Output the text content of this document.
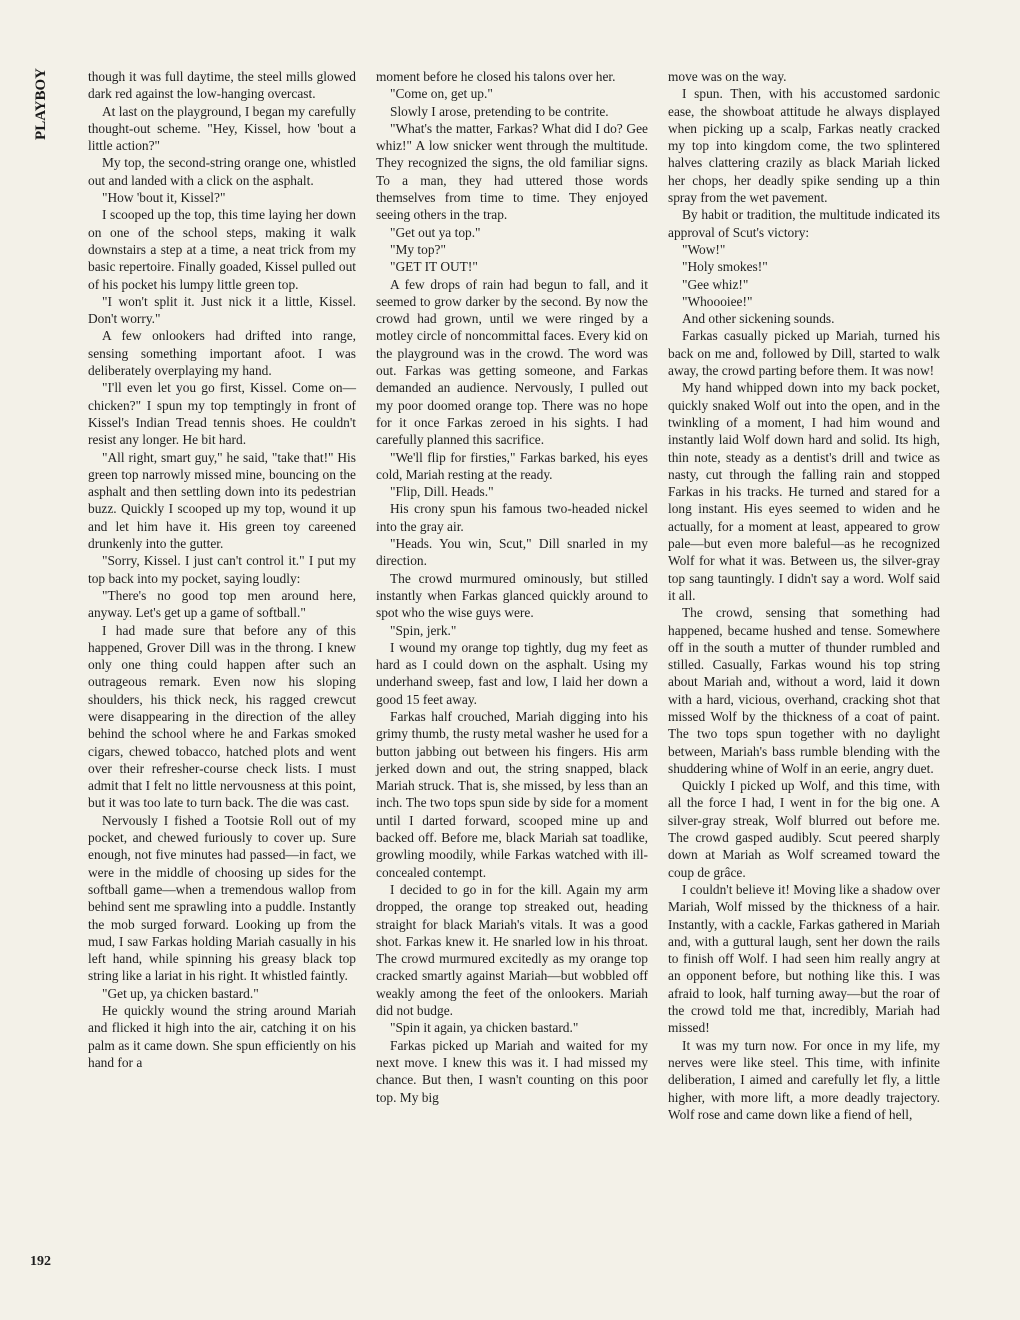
PLAYBOY
192

though it was full daytime, the steel mills glowed dark red against the low-hanging overcast.

At last on the playground, I began my carefully thought-out scheme. "Hey, Kissel, how 'bout a little action?"

My top, the second-string orange one, whistled out and landed with a click on the asphalt.

"How 'bout it, Kissel?"

I scooped up the top, this time laying her down on one of the school steps, making it walk downstairs a step at a time, a neat trick from my basic repertoire. Finally goaded, Kissel pulled out of his pocket his lumpy little green top.

"I won't split it. Just nick it a little, Kissel. Don't worry."

A few onlookers had drifted into range, sensing something important afoot. I was deliberately overplaying my hand.

"I'll even let you go first, Kissel. Come on—chicken?" I spun my top temptingly in front of Kissel's Indian Tread tennis shoes. He couldn't resist any longer. He bit hard.

"All right, smart guy," he said, "take that!" His green top narrowly missed mine, bouncing on the asphalt and then settling down into its pedestrian buzz. Quickly I scooped up my top, wound it up and let him have it. His green toy careened drunkenly into the gutter.

"Sorry, Kissel. I just can't control it." I put my top back into my pocket, saying loudly:

"There's no good top men around here, anyway. Let's get up a game of softball."

I had made sure that before any of this happened, Grover Dill was in the throng. I knew only one thing could happen after such an outrageous remark. Even now his sloping shoulders, his thick neck, his ragged crewcut were disappearing in the direction of the alley behind the school where he and Farkas smoked cigars, chewed tobacco, hatched plots and went over their refresher-course check lists. I must admit that I felt no little nervousness at this point, but it was too late to turn back. The die was cast.

Nervously I fished a Tootsie Roll out of my pocket, and chewed furiously to cover up. Sure enough, not five minutes had passed—in fact, we were in the middle of choosing up sides for the softball game—when a tremendous wallop from behind sent me sprawling into a puddle. Instantly the mob surged forward. Looking up from the mud, I saw Farkas holding Mariah casually in his left hand, while spinning his greasy black top string like a lariat in his right. It whistled faintly.

"Get up, ya chicken bastard."

He quickly wound the string around Mariah and flicked it high into the air, catching it on his palm as it came down. She spun efficiently on his hand for a

moment before he closed his talons over her.

"Come on, get up."

Slowly I arose, pretending to be contrite.

"What's the matter, Farkas? What did I do? Gee whiz!" A low snicker went through the multitude. They recognized the signs, the old familiar signs. To a man, they had uttered those words themselves from time to time. They enjoyed seeing others in the trap.

"Get out ya top."

"My top?"

"GET IT OUT!"

A few drops of rain had begun to fall, and it seemed to grow darker by the second. By now the crowd had grown, until we were ringed by a motley circle of noncommittal faces. Every kid on the playground was in the crowd. The word was out. Farkas was getting someone, and Farkas demanded an audience. Nervously, I pulled out my poor doomed orange top. There was no hope for it once Farkas zeroed in his sights. I had carefully planned this sacrifice.

"We'll flip for firsties," Farkas barked, his eyes cold, Mariah resting at the ready.

"Flip, Dill. Heads."

His crony spun his famous two-headed nickel into the gray air.

"Heads. You win, Scut," Dill snarled in my direction.

The crowd murmured ominously, but stilled instantly when Farkas glanced quickly around to spot who the wise guys were.

"Spin, jerk."

I wound my orange top tightly, dug my feet as hard as I could down on the asphalt. Using my underhand sweep, fast and low, I laid her down a good 15 feet away.

Farkas half crouched, Mariah digging into his grimy thumb, the rusty metal washer he used for a button jabbing out between his fingers. His arm jerked down and out, the string snapped, black Mariah struck. That is, she missed, by less than an inch. The two tops spun side by side for a moment until I darted forward, scooped mine up and backed off. Before me, black Mariah sat toadlike, growling moodily, while Farkas watched with ill-concealed contempt.

I decided to go in for the kill. Again my arm dropped, the orange top streaked out, heading straight for black Mariah's vitals. It was a good shot. Farkas knew it. He snarled low in his throat. The crowd murmured excitedly as my orange top cracked smartly against Mariah—but wobbled off weakly among the feet of the onlookers. Mariah did not budge.

"Spin it again, ya chicken bastard."

Farkas picked up Mariah and waited for my next move. I knew this was it. I had missed my chance. But then, I wasn't counting on this poor top. My big

move was on the way.

I spun. Then, with his accustomed sardonic ease, the showboat attitude he always displayed when picking up a scalp, Farkas neatly cracked my top into kingdom come, the two splintered halves clattering crazily as black Mariah licked her chops, her deadly spike sending up a thin spray from the wet pavement.

By habit or tradition, the multitude indicated its approval of Scut's victory:

"Wow!"

"Holy smokes!"

"Gee whiz!"

"Whoooiee!"

And other sickening sounds.

Farkas casually picked up Mariah, turned his back on me and, followed by Dill, started to walk away, the crowd parting before them. It was now!

My hand whipped down into my back pocket, quickly snaked Wolf out into the open, and in the twinkling of a moment, I had him wound and instantly laid Wolf down hard and solid. Its high, thin note, steady as a dentist's drill and twice as nasty, cut through the falling rain and stopped Farkas in his tracks. He turned and stared for a long instant. His eyes seemed to widen and he actually, for a moment at least, appeared to grow pale—but even more baleful—as he recognized Wolf for what it was. Between us, the silver-gray top sang tauntingly. I didn't say a word. Wolf said it all.

The crowd, sensing that something had happened, became hushed and tense. Somewhere off in the south a mutter of thunder rumbled and stilled. Casually, Farkas wound his top string about Mariah and, without a word, laid it down with a hard, vicious, overhand, cracking shot that missed Wolf by the thickness of a coat of paint. The two tops spun together with no daylight between, Mariah's bass rumble blending with the shuddering whine of Wolf in an eerie, angry duet.

Quickly I picked up Wolf, and this time, with all the force I had, I went in for the big one. A silver-gray streak, Wolf blurred out before me. The crowd gasped audibly. Scut peered sharply down at Mariah as Wolf screamed toward the coup de grâce.

I couldn't believe it! Moving like a shadow over Mariah, Wolf missed by the thickness of a hair. Instantly, with a cackle, Farkas gathered in Mariah and, with a guttural laugh, sent her down the rails to finish off Wolf. I had seen him really angry at an opponent before, but nothing like this. I was afraid to look, half turning away—but the roar of the crowd told me that, incredibly, Mariah had missed!

It was my turn now. For once in my life, my nerves were like steel. This time, with infinite deliberation, I aimed and carefully let fly, a little higher, with more lift, a more deadly trajectory. Wolf rose and came down like a fiend of hell,
